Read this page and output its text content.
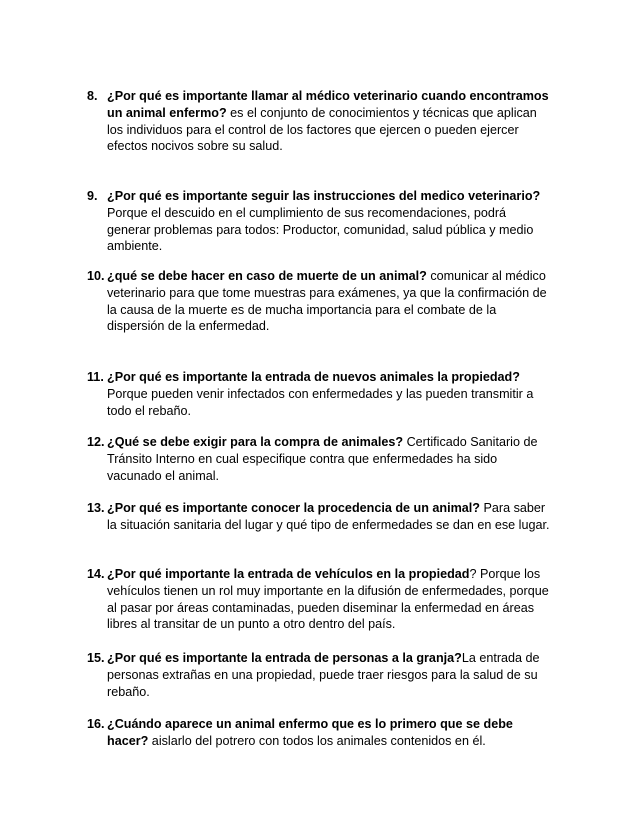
8. ¿Por qué es importante llamar al médico veterinario cuando encontramos un animal enfermo? es el conjunto de conocimientos y técnicas que aplican los individuos para el control de los factores que ejercen o pueden ejercer efectos nocivos sobre su salud.
9. ¿Por qué es importante seguir las instrucciones del medico veterinario? Porque el descuido en el cumplimiento de sus recomendaciones, podrá generar problemas para todos: Productor, comunidad, salud pública y medio ambiente.
10. ¿qué se debe hacer en caso de muerte de un animal? comunicar al médico veterinario para que tome muestras para exámenes, ya que la confirmación de la causa de la muerte es de mucha importancia para el combate de la dispersión de la enfermedad.
11. ¿Por qué es importante la entrada de nuevos animales la propiedad? Porque pueden venir infectados con enfermedades y las pueden transmitir a todo el rebaño.
12. ¿Qué se debe exigir para la compra de animales? Certificado Sanitario de Tránsito Interno en cual especifique contra que enfermedades ha sido vacunado el animal.
13. ¿Por qué es importante conocer la procedencia de un animal? Para saber la situación sanitaria del lugar y qué tipo de enfermedades se dan en ese lugar.
14. ¿Por qué importante la entrada de vehículos en la propiedad? Porque los vehículos tienen un rol muy importante en la difusión de enfermedades, porque al pasar por áreas contaminadas, pueden diseminar la enfermedad en áreas libres al transitar de un punto a otro dentro del país.
15. ¿Por qué es importante la entrada de personas a la granja?La entrada de personas extrañas en una propiedad, puede traer riesgos para la salud de su rebaño.
16. ¿Cuándo aparece un animal enfermo que es lo primero que se debe hacer? aislarlo del potrero con todos los animales contenidos en él.
